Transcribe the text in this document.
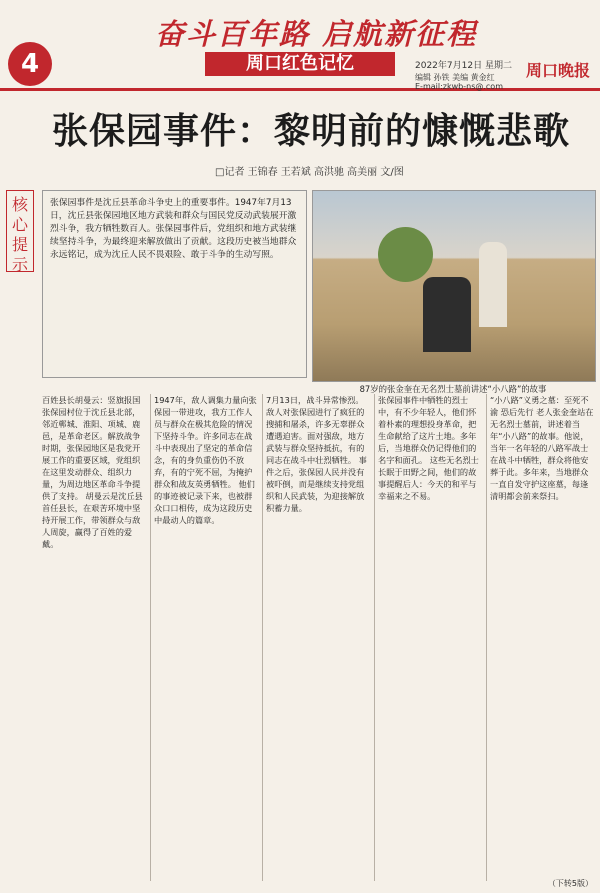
4
奋斗百年路 启航新征程
周口红色记忆	2022年7月12日 星期二
编辑 孙铁 美编 黄金红 周口晚报
E-mail:zkwb-ns@.com
张保园事件：黎明前的慷慨悲歌
□记者 王锦春 王若斌 高洪驰 高美丽 文/图
核心提示
张保园事件是沈丘县革命斗争史上的重要事件。1947年7月13日，沈丘县张保园地区地方武装和群众与国民党反动武装展开激烈斗争，我方牺牲数百人。张保园事件后，党组织和地方武装继续坚持斗争，为最终迎来解放做出了贡献。这段历史被当地群众永远铭记，成为沈丘人民不畏艰险、敢于斗争的生动写照。
87岁的张金奎在无名烈士墓前讲述“小八路”的故事
百姓县长胡曼云：竖旗报国 张保园村位于沈丘县北部，邻近郸城、淮阳、项城、鹿邑，是革命老区。解放战争时期，张保园地区是我党开展工作的重要区域，党组织在这里发动群众、组织力量，为周边地区革命斗争提供了支持。 胡曼云是沈丘县首任县长，在艰苦环境中坚持开展工作，带领群众与敌人周旋，赢得了百姓的爱戴。
1947年，敌人调集力量向张保园一带进攻，我方工作人员与群众在极其危险的情况下坚持斗争。许多同志在战斗中表现出了坚定的革命信念，有的身负重伤仍不放弃，有的宁死不屈，为掩护群众和战友英勇牺牲。 他们的事迹被记录下来，也被群众口口相传，成为这段历史中最动人的篇章。
7月13日，战斗异常惨烈。敌人对张保园进行了疯狂的搜捕和屠杀，许多无辜群众遭遇迫害。面对强敌，地方武装与群众坚持抵抗，有的同志在战斗中壮烈牺牲。 事件之后，张保园人民并没有被吓倒，而是继续支持党组织和人民武装，为迎接解放积蓄力量。
张保园事件中牺牲的烈士中，有不少年轻人，他们怀着朴素的理想投身革命，把生命献给了这片土地。多年后，当地群众仍记得他们的名字和面孔。 这些无名烈士长眠于田野之间，他们的故事提醒后人：今天的和平与幸福来之不易。
“小八路”义勇之墓：至死不渝 恐后先行 老人张金奎站在无名烈士墓前，讲述着当年“小八路”的故事。他说，当年一名年轻的八路军战士在战斗中牺牲，群众将他安葬于此。多年来，当地群众一直自发守护这座墓，每逢清明都会前来祭扫。
（下转5版）
